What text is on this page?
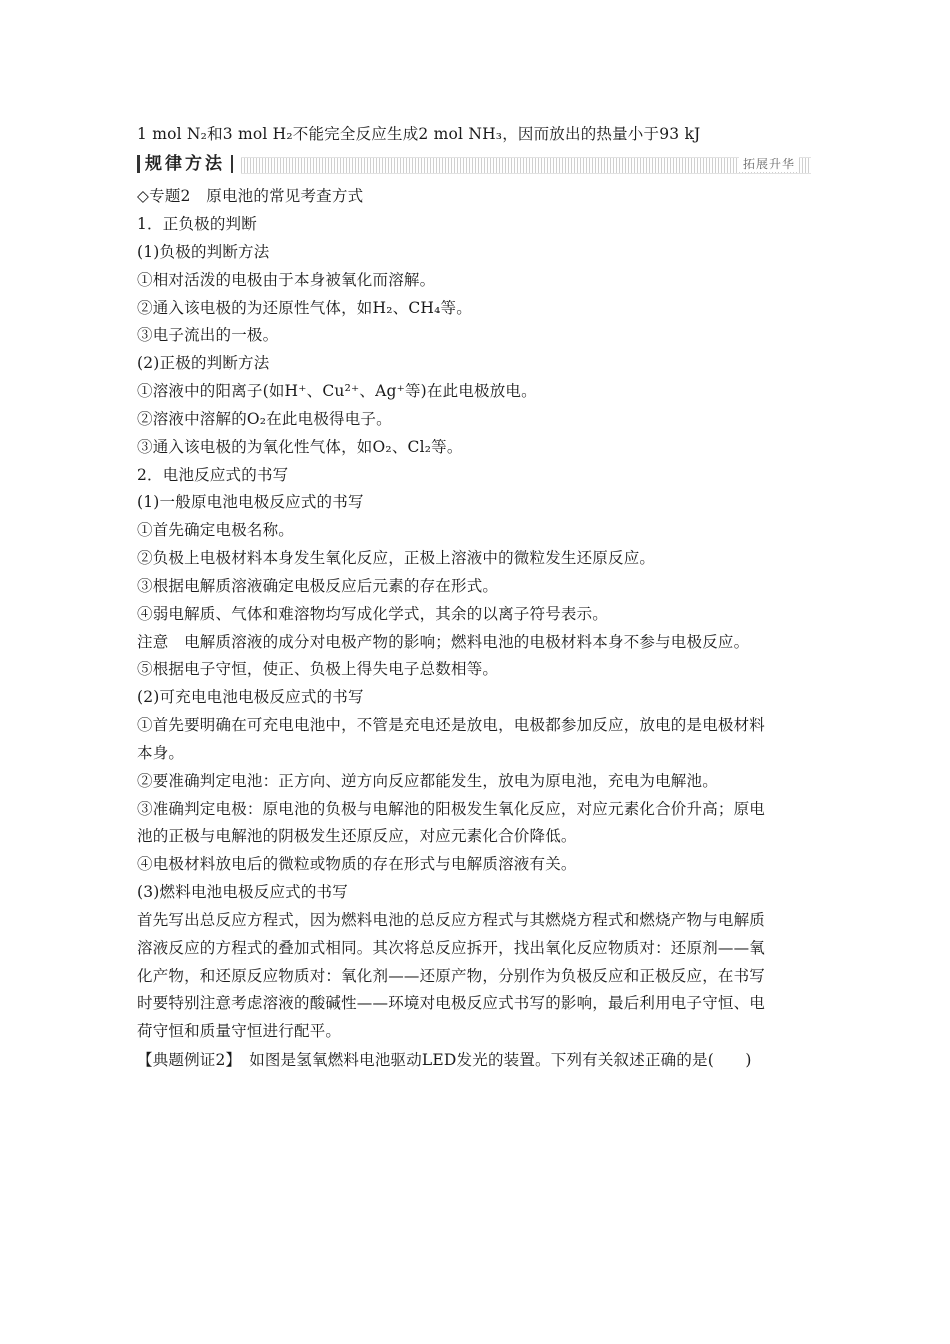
1 mol N₂和3 mol H₂不能完全反应生成2 mol NH₃，因而放出的热量小于93 kJ
规律方法	拓展升华
◇专题2　原电池的常见考查方式
1．正负极的判断
(1)负极的判断方法
①相对活泼的电极由于本身被氧化而溶解。
②通入该电极的为还原性气体，如H₂、CH₄等。
③电子流出的一极。
(2)正极的判断方法
①溶液中的阳离子(如H⁺、Cu²⁺、Ag⁺等)在此电极放电。
②溶液中溶解的O₂在此电极得电子。
③通入该电极的为氧化性气体，如O₂、Cl₂等。
2．电池反应式的书写
(1)一般原电池电极反应式的书写
①首先确定电极名称。
②负极上电极材料本身发生氧化反应，正极上溶液中的微粒发生还原反应。
③根据电解质溶液确定电极反应后元素的存在形式。
④弱电解质、气体和难溶物均写成化学式，其余的以离子符号表示。
注意　电解质溶液的成分对电极产物的影响；燃料电池的电极材料本身不参与电极反应。
⑤根据电子守恒，使正、负极上得失电子总数相等。
(2)可充电电池电极反应式的书写
①首先要明确在可充电电池中，不管是充电还是放电，电极都参加反应，放电的是电极材料
本身。
②要准确判定电池：正方向、逆方向反应都能发生，放电为原电池，充电为电解池。
③准确判定电极：原电池的负极与电解池的阳极发生氧化反应，对应元素化合价升高；原电
池的正极与电解池的阴极发生还原反应，对应元素化合价降低。
④电极材料放电后的微粒或物质的存在形式与电解质溶液有关。
(3)燃料电池电极反应式的书写
首先写出总反应方程式，因为燃料电池的总反应方程式与其燃烧方程式和燃烧产物与电解质
溶液反应的方程式的叠加式相同。其次将总反应拆开，找出氧化反应物质对：还原剂——氧
化产物，和还原反应物质对：氧化剂——还原产物，分别作为负极反应和正极反应，在书写
时要特别注意考虑溶液的酸碱性——环境对电极反应式书写的影响，最后利用电子守恒、电
荷守恒和质量守恒进行配平。
【典题例证2】　如图是氢氧燃料电池驱动LED发光的装置。下列有关叙述正确的是(　　)
